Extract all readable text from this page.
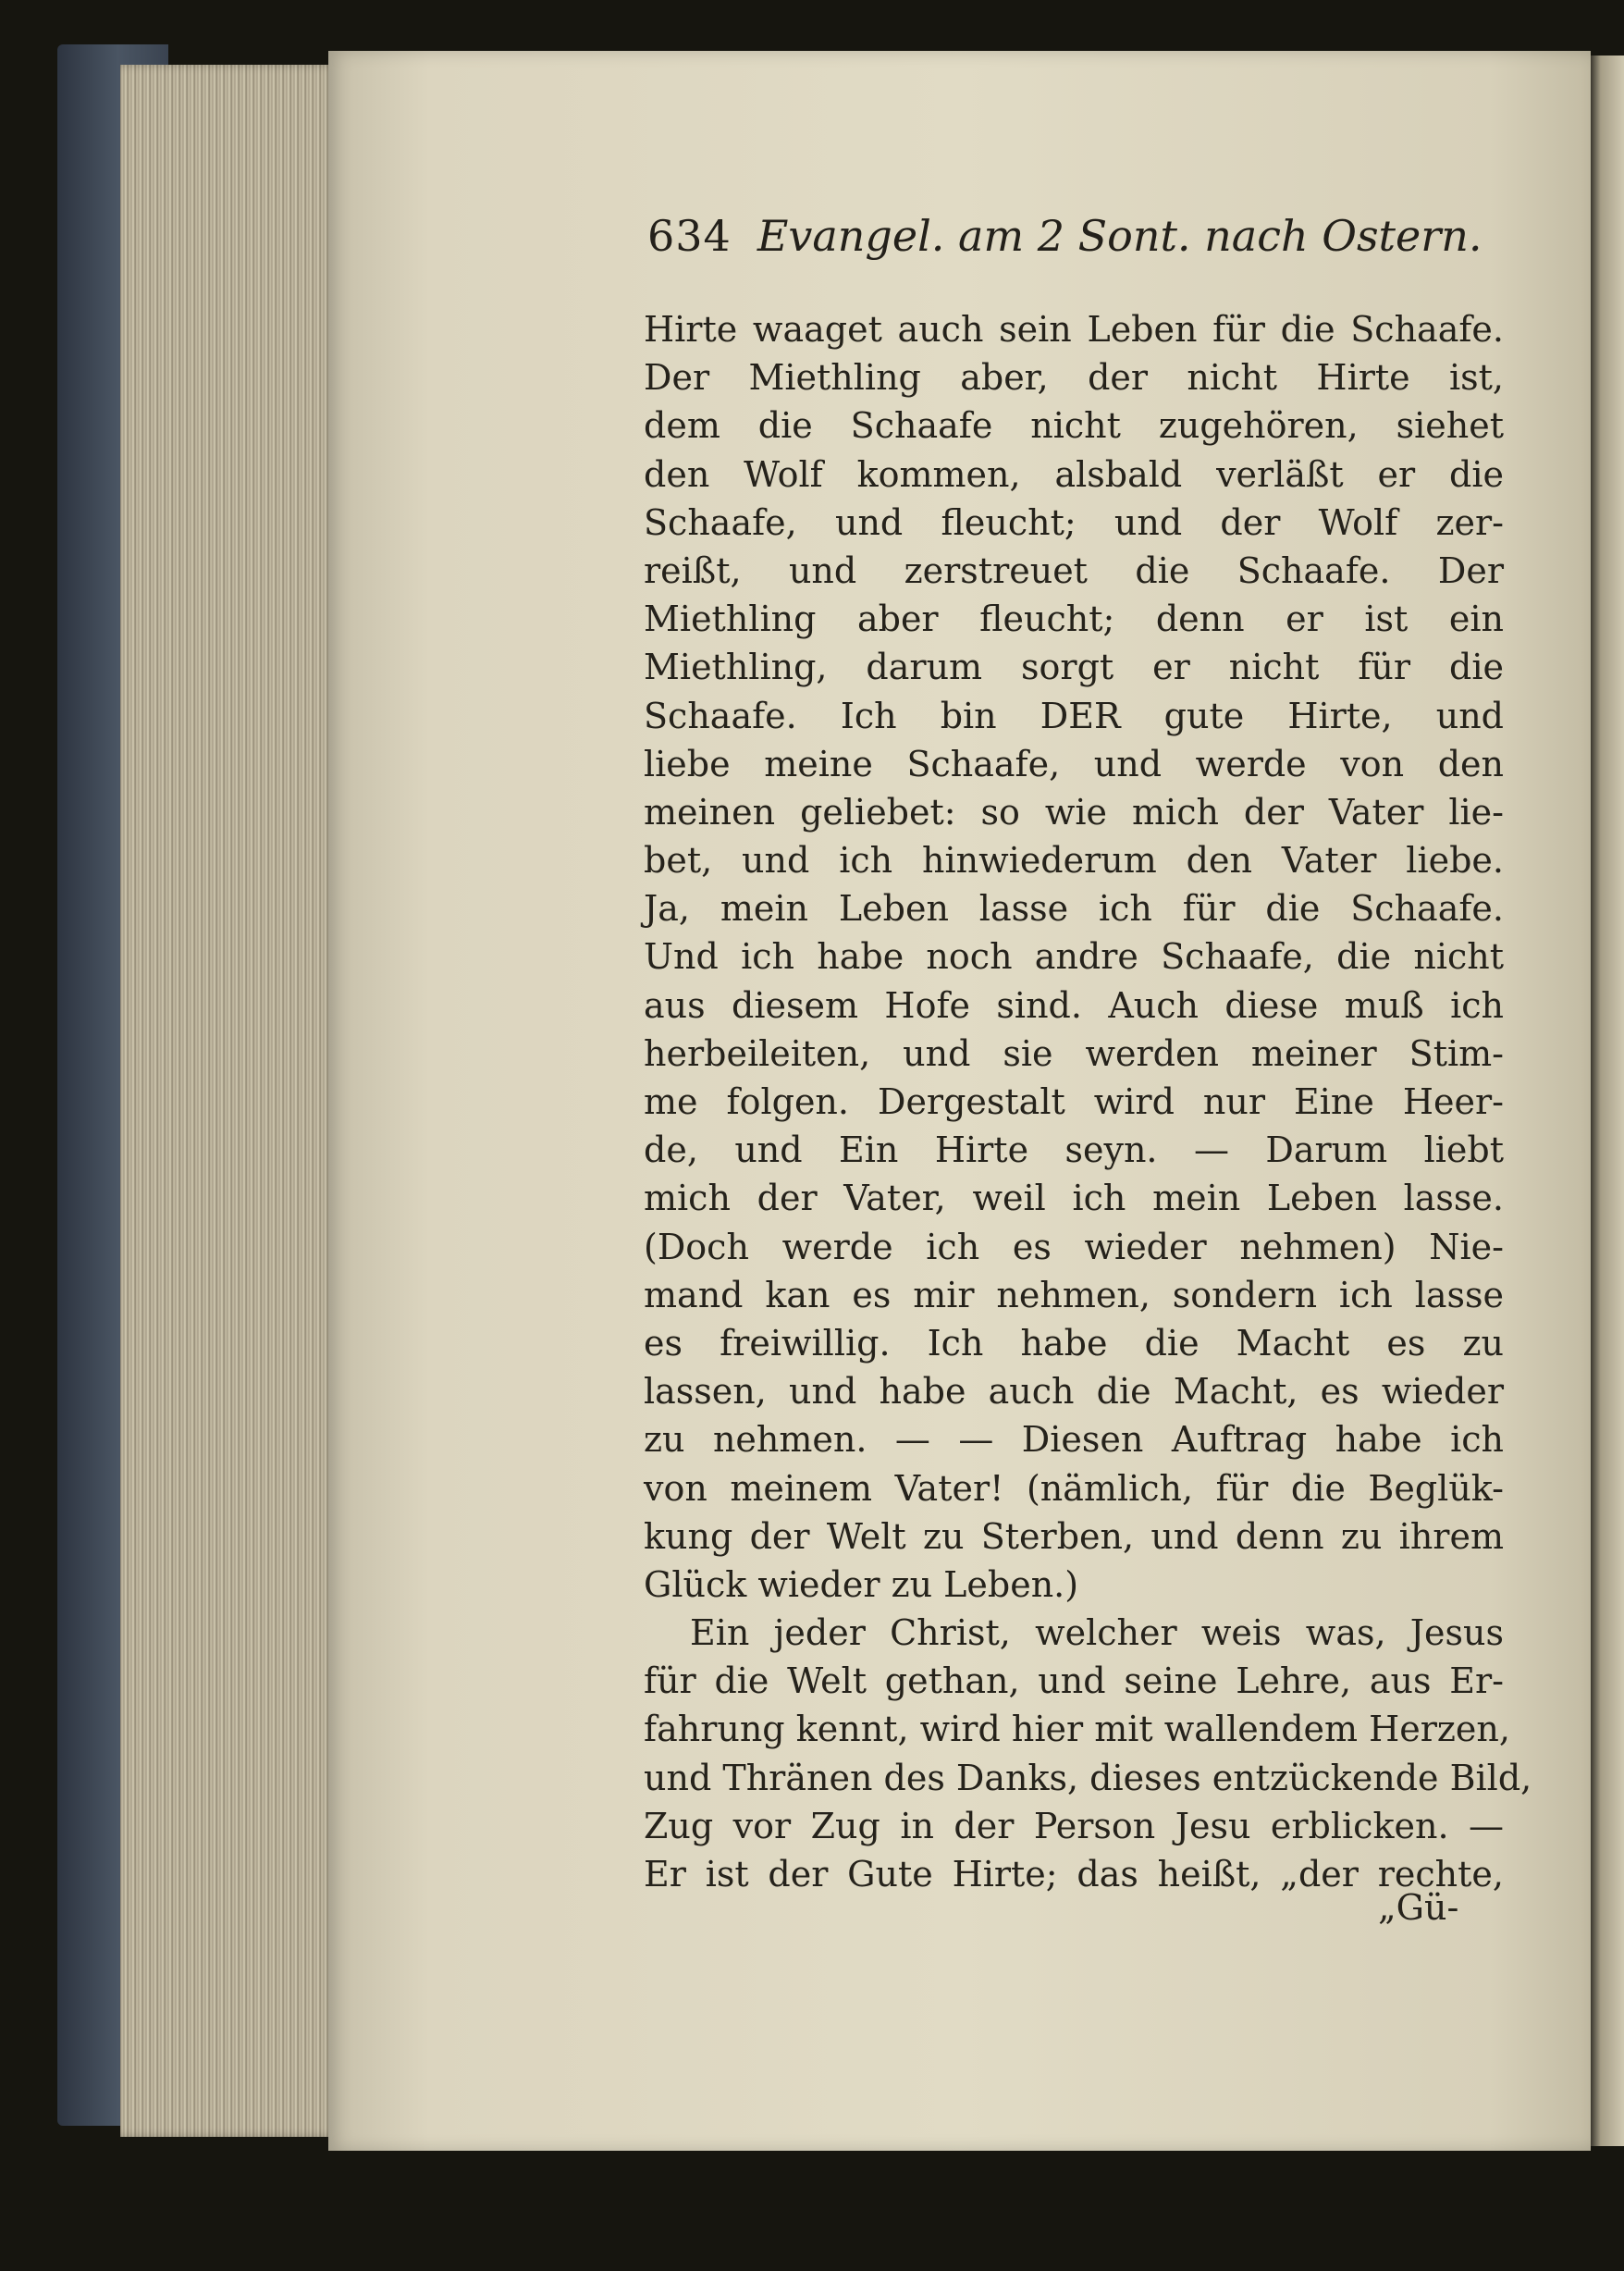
634 Evangel. am 2 Sont. nach Ostern.
Hirte waaget auch sein Leben für die Schaafe.
Der Miethling aber, der nicht Hirte ist,
dem die Schaafe nicht zugehören, siehet
den Wolf kommen, alsbald verläßt er die
Schaafe, und fleucht; und der Wolf zer-
reißt, und zerstreuet die Schaafe. Der
Miethling aber fleucht; denn er ist ein
Miethling, darum sorgt er nicht für die
Schaafe. Ich bin DER gute Hirte, und
liebe meine Schaafe, und werde von den
meinen geliebet: so wie mich der Vater lie-
bet, und ich hinwiederum den Vater liebe.
Ja, mein Leben lasse ich für die Schaafe.
Und ich habe noch andre Schaafe, die nicht
aus diesem Hofe sind. Auch diese muß ich
herbeileiten, und sie werden meiner Stim-
me folgen. Dergestalt wird nur Eine Heer-
de, und Ein Hirte seyn. — Darum liebt
mich der Vater, weil ich mein Leben lasse.
(Doch werde ich es wieder nehmen) Nie-
mand kan es mir nehmen, sondern ich lasse
es freiwillig. Ich habe die Macht es zu
lassen, und habe auch die Macht, es wieder
zu nehmen. — — Diesen Auftrag habe ich
von meinem Vater! (nämlich, für die Beglük-
kung der Welt zu Sterben, und denn zu ihrem
Glück wieder zu Leben.)
Ein jeder Christ, welcher weis was, Jesus
für die Welt gethan, und seine Lehre, aus Er-
fahrung kennt, wird hier mit wallendem Herzen,
und Thränen des Danks, dieses entzückende Bild,
Zug vor Zug in der Person Jesu erblicken. —
Er ist der Gute Hirte; das heißt, „der rechte,
„Gü-
